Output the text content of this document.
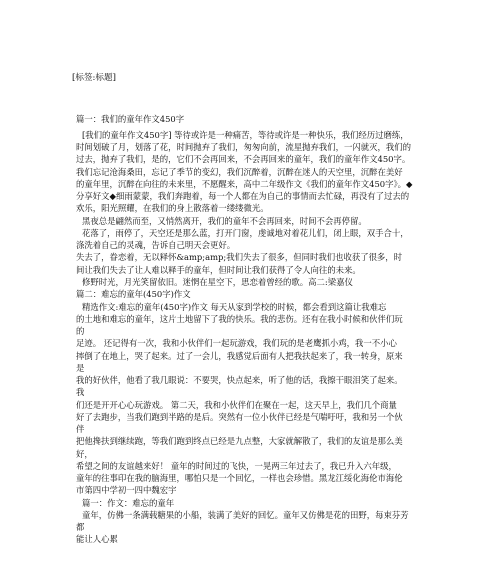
[标签:标题]
篇一：我们的童年作文450字
[我们的童年作文450字] 等待或许是一种痛苦，等待或许是一种快乐，我们经历过磨练，
时间划破了月，划落了花，时间抛弃了我们，匆匆向前，流星抛弃我们，一闪就灭，我们的
过去，抛弃了我们，是的，它们不会再回来，不会再回来的童年，我们的童年作文450字。
我们忘记沧海桑田，忘记了季节的变幻，我们沉醉着，沉醉在迷人的天空里，沉醉在美好
的童年里，沉醉在向往的未来里，不愿醒来，高中二年级作文《我们的童年作文450字》。◆
分享好文◆细雨蒙蒙，我们奔跑着，每一个人都在为自己的事情而去忙碌，再没有了过去的
欢乐，阳光照耀，在我们的身上散落着一缕缕微光。
黑夜总是翩然而至，又悄然离开，我们的童年不会再回来，时间不会再停留。
花落了，雨停了，天空还是那么蓝，打开门窗，虔诚地对着花儿们，闭上眼，双手合十，
涤洗着自己的灵魂，告诉自己明天会更好。
失去了，眷恋着，无以释怀&amp;amp;我们失去了很多，但同时我们也收获了很多，时
间让我们失去了让人难以释手的童年，但时间让我们获得了令人向往的未来。
修野时光，月光笑留依旧。迷惘在星空下，思恋着曾经的歌。高二:梁嘉仪
篇二：难忘的童年(450字)作文
精选作文:难忘的童年(450字)作文 每天从家到学校的时候，都会看到这篇让我难忘
的土地和难忘的童年，这片土地留下了我的快乐。我的悲伤。还有在我小时候和伙伴们玩
的
足迹。 还记得有一次，我和小伙伴们一起玩游戏，我们玩的是老鹰抓小鸡，我一不小心
摔倒了在地上，哭了起来。过了一会儿，我感觉后面有人把我扶起来了，我一转身，原来
是
我的好伙伴，他看了我几眼说：不要哭，快点起来，听了他的话，我擦干眼泪笑了起来。
我
们还是开开心心玩游戏。 第二天，我和小伙伴们在聚在一起，这天早上，我们几个商量
好了去跑步，当我们跑到半路的是后。突然有一位小伙伴已经是气喘吁吁，我和另一个伙
伴
把他搀扶到继续跑，等我们跑到终点已经是九点整，大家就解散了，我们的友谊是那么美
好，
希望之间的友谊越来好！ 童年的时间过的飞快，一晃两三年过去了，我已升入六年级，
童年的往事印在我的脑海里，哪怕只是一个回忆，一样也会珍惜。黑龙江绥化海伦市海伦
市第四中学初一四中魏宏宇
篇一：作文：难忘的童年
童年，仿佛一条满载糖果的小船，装满了美好的回忆。童年又仿佛是花的田野，每束芬芳
都
能让人心累
